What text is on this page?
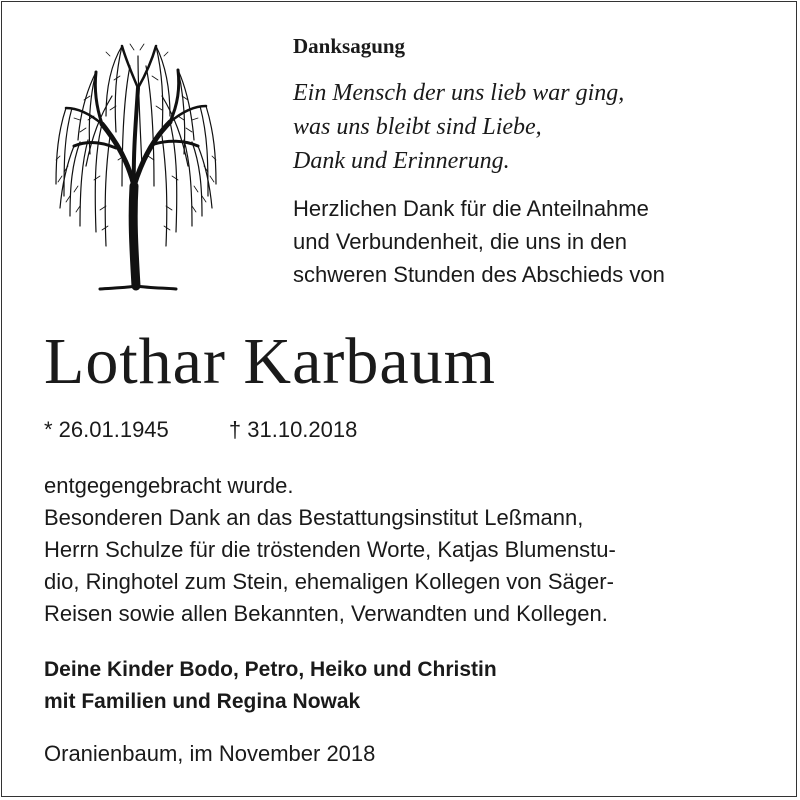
Danksagung
Ein Mensch der uns lieb war ging,
was uns bleibt sind Liebe,
Dank und Erinnerung.
Herzlichen Dank für die Anteilnahme
und Verbundenheit, die uns in den
schweren Stunden des Abschieds von
Lothar Karbaum
* 26.01.1945	† 31.10.2018
entgegengebracht wurde.
Besonderen Dank an das Bestattungsinstitut Leßmann,
Herrn Schulze für die tröstenden Worte, Katjas Blumenstu-
dio, Ringhotel zum Stein, ehemaligen Kollegen von Säger-
Reisen sowie allen Bekannten, Verwandten und Kollegen.
Deine Kinder Bodo, Petro, Heiko und Christin
mit Familien und Regina Nowak
Oranienbaum, im November 2018
